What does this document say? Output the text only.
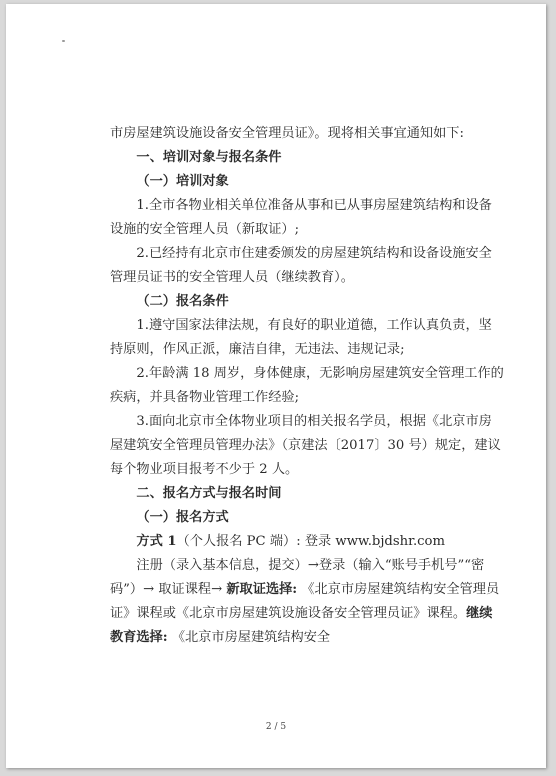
市房屋建筑设施设备安全管理员证》。现将相关事宜通知如下:

一、培训对象与报名条件

（一）培训对象

1.全市各物业相关单位准备从事和已从事房屋建筑结构和设备设施的安全管理人员（新取证）;

2.已经持有北京市住建委颁发的房屋建筑结构和设备设施安全管理员证书的安全管理人员（继续教育）。

（二）报名条件

1.遵守国家法律法规，有良好的职业道德，工作认真负责，坚持原则，作风正派，廉洁自律，无违法、违规记录;

2.年龄满 18 周岁，身体健康，无影响房屋建筑安全管理工作的疾病，并具备物业管理工作经验;

3.面向北京市全体物业项目的相关报名学员，根据《北京市房屋建筑安全管理员管理办法》（京建法〔2017〕30 号）规定，建议每个物业项目报考不少于 2 人。

二、报名方式与报名时间

（一）报名方式

方式 1（个人报名 PC 端）: 登录 www.bjdshr.com

注册（录入基本信息，提交）→登录（输入“账号手机号”“密码”）→ 取证课程→ 新取证选择: 《北京市房屋建筑结构安全管理员证》课程或《北京市房屋建筑设施设备安全管理员证》课程。继续教育选择: 《北京市房屋建筑结构安全

2 / 5
